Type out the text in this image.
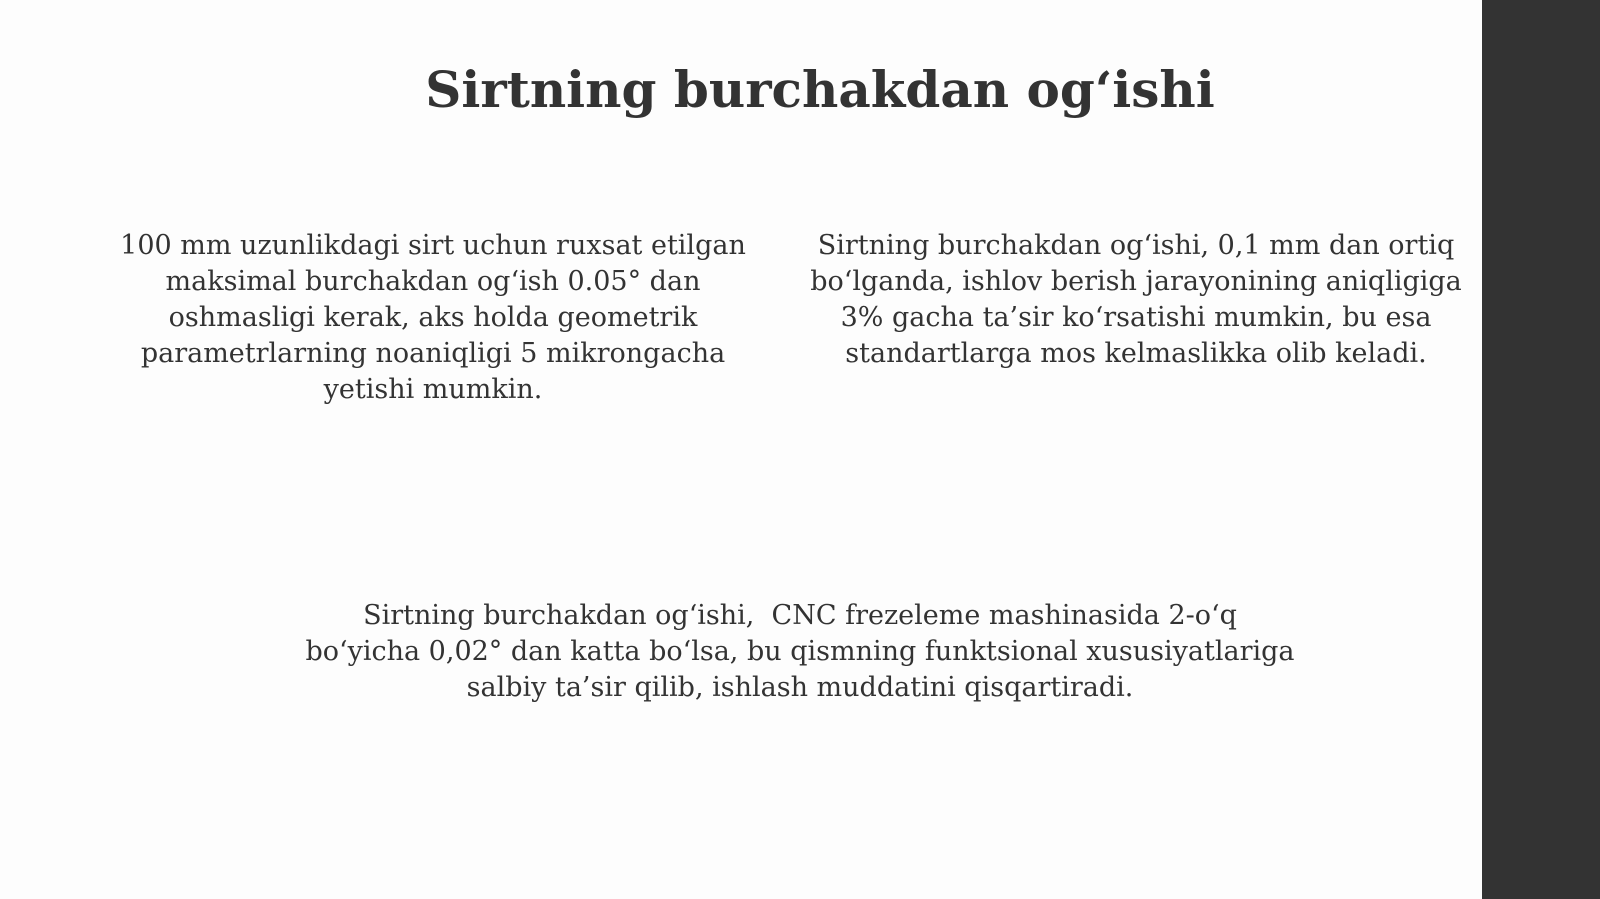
Sirtning burchakdan og‘ishi
100 mm uzunlikdagi sirt uchun ruxsat etilgan maksimal burchakdan og‘ish 0.05° dan oshmasligi kerak, aks holda geometrik parametrlarning noaniqligi 5 mikrongacha yetishi mumkin.
Sirtning burchakdan og‘ishi, 0,1 mm dan ortiq
bo‘lganda, ishlov berish jarayonining aniqligiga
3% gacha ta’sir ko‘rsatishi mumkin, bu esa
standartlarga mos kelmaslikka olib keladi.
Sirtning burchakdan og‘ishi,  CNC frezeleme mashinasida 2-o‘q
bo‘yicha 0,02° dan katta bo‘lsa, bu qismning funktsional xususiyatlariga
salbiy ta’sir qilib, ishlash muddatini qisqartiradi.
